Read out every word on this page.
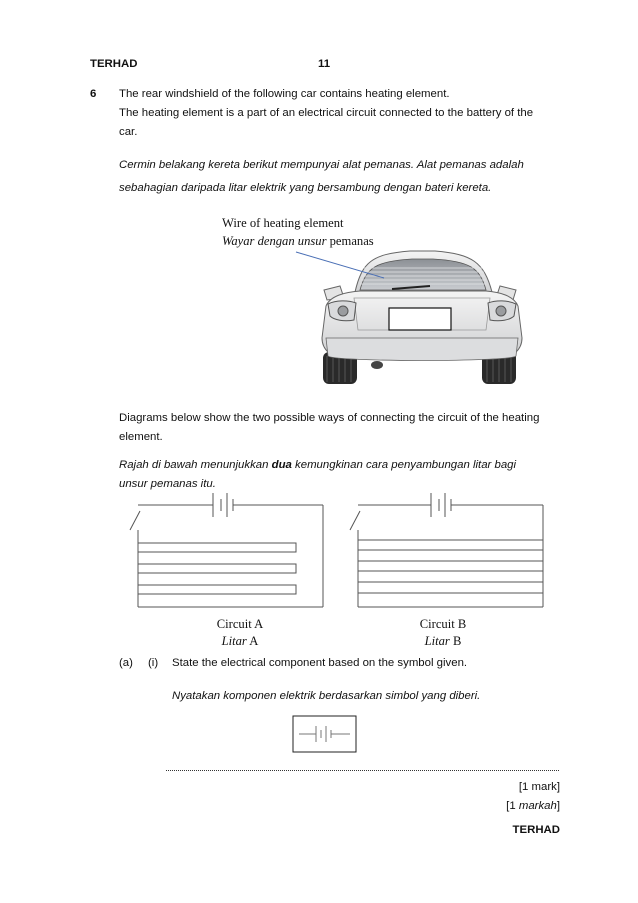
TERHAD	11
6 The rear windshield of the following car contains heating element.
The heating element is a part of an electrical circuit connected to the battery of the
car.
Cermin belakang kereta berikut mempunyai alat pemanas. Alat pemanas adalah
sebahagian daripada litar elektrik yang bersambung dengan bateri kereta.
Wire of heating element
Wayar dengan unsur pemanas
Diagrams below show the two possible ways of connecting the circuit of the heating
element.
Rajah di bawah menunjukkan dua kemungkinan cara penyambungan litar bagi
unsur pemanas itu.
Circuit A
Litar A
Circuit B
Litar B
(a) (i) State the electrical component based on the symbol given.
Nyatakan komponen elektrik berdasarkan simbol yang diberi.
[1 mark]
[1 markah]
TERHAD
